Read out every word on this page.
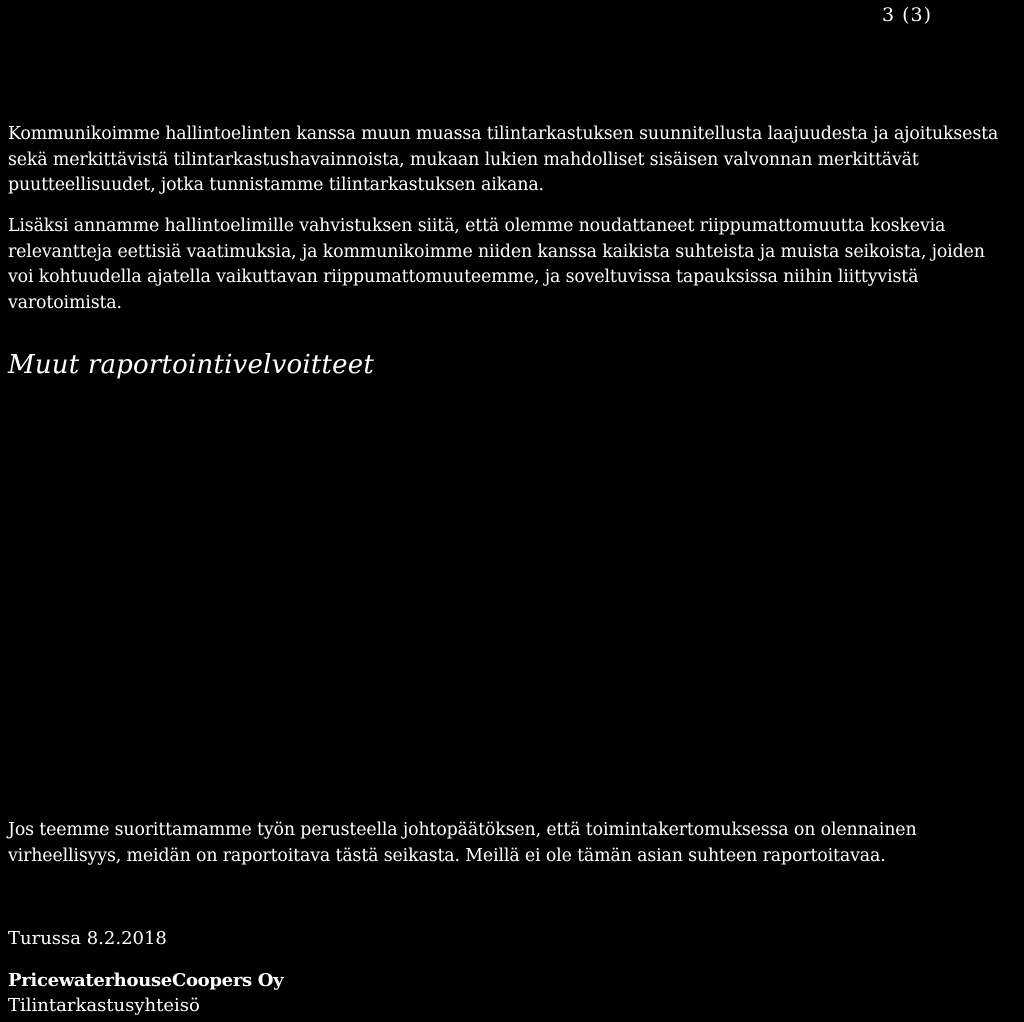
3 (3)

Kommunikoimme hallintoelinten kanssa muun muassa tilintarkastuksen suunnitellusta laajuudesta ja ajoituksesta sekä merkittävistä tilintarkastushavainnoista, mukaan lukien mahdolliset sisäisen valvonnan merkittävät puutteellisuudet, jotka tunnistamme tilintarkastuksen aikana.

Lisäksi annamme hallintoelimille vahvistuksen siitä, että olemme noudattaneet riippumattomuutta koskevia relevantteja eettisiä vaatimuksia, ja kommunikoimme niiden kanssa kaikista suhteista ja muista seikoista, joiden voi kohtuudella ajatella vaikuttavan riippumattomuuteemme, ja soveltuvissa tapauksissa niihin liittyvistä varotoimista.

Muut raportointivelvoitteet

Jos teemme suorittamamme työn perusteella johtopäätöksen, että toimintakertomuksessa on olennainen virheellisyys, meidän on raportoitava tästä seikasta. Meillä ei ole tämän asian suhteen raportoitavaa.

Turussa 8.2.2018
PricewaterhouseCoopers Oy
Tilintarkastusyhteisö
